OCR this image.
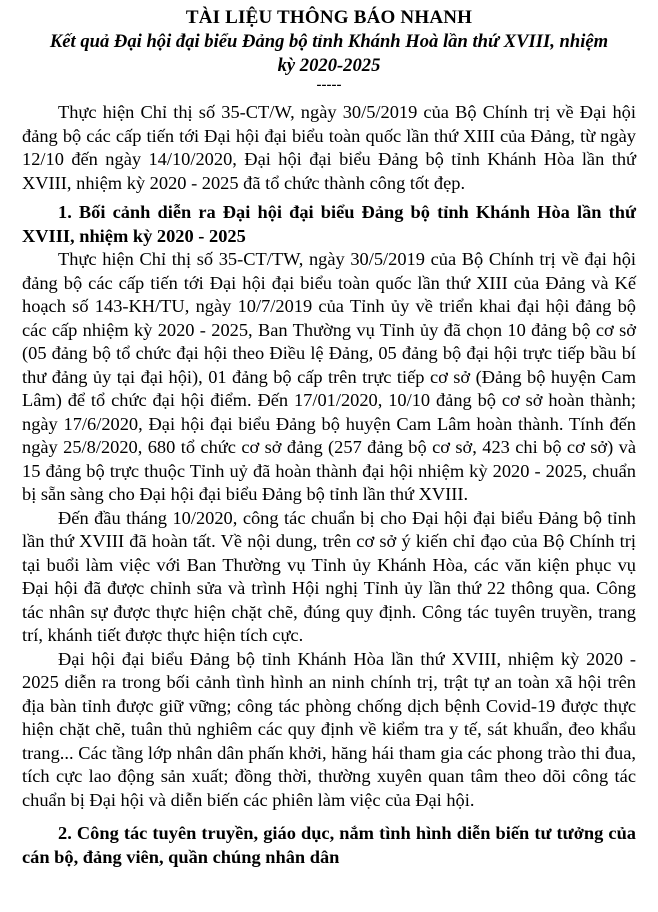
TÀI LIỆU THÔNG BÁO NHANH
Kết quả Đại hội đại biểu Đảng bộ tỉnh Khánh Hoà lần thứ XVIII, nhiệm kỳ 2020-2025
-----

Thực hiện Chỉ thị số 35-CT/W, ngày 30/5/2019 của Bộ Chính trị về Đại hội đảng bộ các cấp tiến tới Đại hội đại biểu toàn quốc lần thứ XIII của Đảng, từ ngày 12/10 đến ngày 14/10/2020, Đại hội đại biểu Đảng bộ tỉnh Khánh Hòa lần thứ XVIII, nhiệm kỳ 2020 - 2025 đã tổ chức thành công tốt đẹp.

1. Bối cảnh diễn ra Đại hội đại biểu Đảng bộ tỉnh Khánh Hòa lần thứ XVIII, nhiệm kỳ 2020 - 2025

Thực hiện Chỉ thị số 35-CT/TW, ngày 30/5/2019 của Bộ Chính trị về đại hội đảng bộ các cấp tiến tới Đại hội đại biểu toàn quốc lần thứ XIII của Đảng và Kế hoạch số 143-KH/TU, ngày 10/7/2019 của Tỉnh ủy về triển khai đại hội đảng bộ các cấp nhiệm kỳ 2020 - 2025, Ban Thường vụ Tỉnh ủy đã chọn 10 đảng bộ cơ sở (05 đảng bộ tổ chức đại hội theo Điều lệ Đảng, 05 đảng bộ đại hội trực tiếp bầu bí thư đảng ủy tại đại hội), 01 đảng bộ cấp trên trực tiếp cơ sở (Đảng bộ huyện Cam Lâm) để tổ chức đại hội điểm. Đến 17/01/2020, 10/10 đảng bộ cơ sở hoàn thành; ngày 17/6/2020, Đại hội đại biểu Đảng bộ huyện Cam Lâm hoàn thành. Tính đến ngày 25/8/2020, 680 tổ chức cơ sở đảng (257 đảng bộ cơ sở, 423 chi bộ cơ sở) và 15 đảng bộ trực thuộc Tỉnh uỷ đã hoàn thành đại hội nhiệm kỳ 2020 - 2025, chuẩn bị sẵn sàng cho Đại hội đại biểu Đảng bộ tỉnh lần thứ XVIII.

Đến đầu tháng 10/2020, công tác chuẩn bị cho Đại hội đại biểu Đảng bộ tỉnh lần thứ XVIII đã hoàn tất. Về nội dung, trên cơ sở ý kiến chỉ đạo của Bộ Chính trị tại buổi làm việc với Ban Thường vụ Tỉnh ủy Khánh Hòa, các văn kiện phục vụ Đại hội đã được chỉnh sửa và trình Hội nghị Tỉnh ủy lần thứ 22 thông qua. Công tác nhân sự được thực hiện chặt chẽ, đúng quy định. Công tác tuyên truyền, trang trí, khánh tiết được thực hiện tích cực.

Đại hội đại biểu Đảng bộ tỉnh Khánh Hòa lần thứ XVIII, nhiệm kỳ 2020 - 2025 diễn ra trong bối cảnh tình hình an ninh chính trị, trật tự an toàn xã hội trên địa bàn tỉnh được giữ vững; công tác phòng chống dịch bệnh Covid-19 được thực hiện chặt chẽ, tuân thủ nghiêm các quy định về kiểm tra y tế, sát khuẩn, đeo khẩu trang... Các tầng lớp nhân dân phấn khởi, hăng hái tham gia các phong trào thi đua, tích cực lao động sản xuất; đồng thời, thường xuyên quan tâm theo dõi công tác chuẩn bị Đại hội và diễn biến các phiên làm việc của Đại hội.

2. Công tác tuyên truyền, giáo dục, nắm tình hình diễn biến tư tưởng của cán bộ, đảng viên, quần chúng nhân dân
